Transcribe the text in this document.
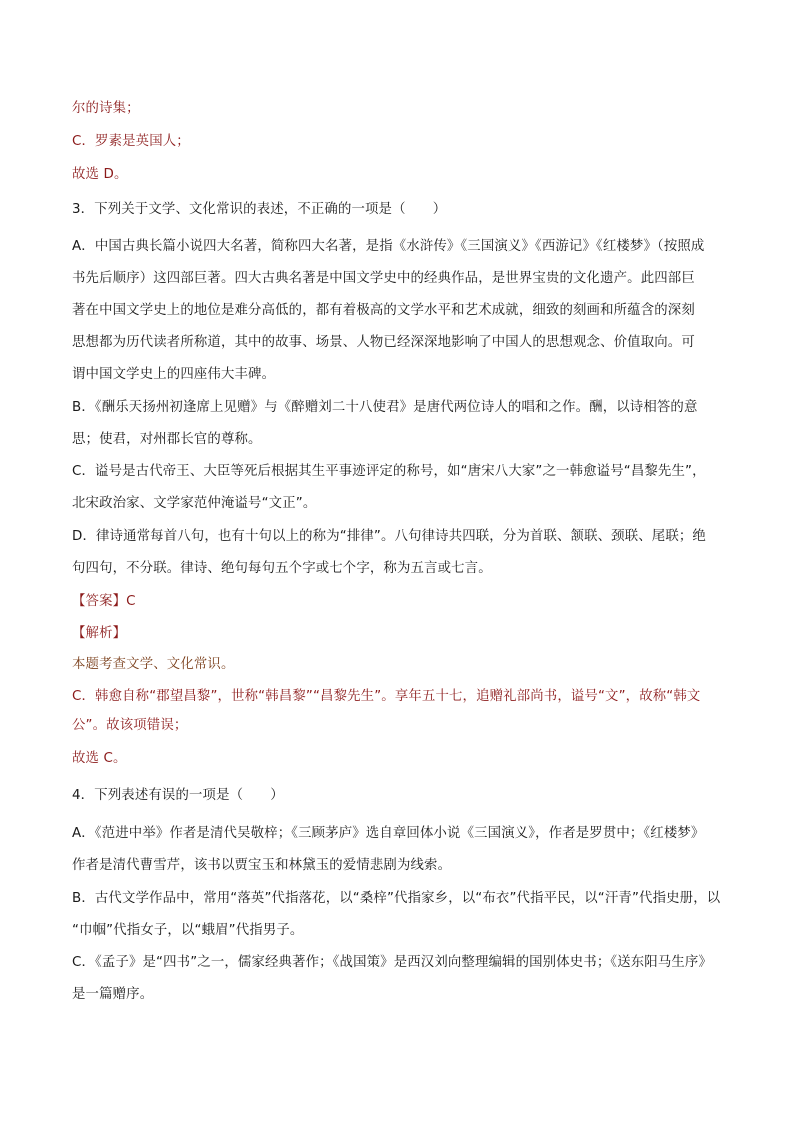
尔的诗集；
C．罗素是英国人；
故选 D。
3．下列关于文学、文化常识的表述，不正确的一项是（　　）
A．中国古典长篇小说四大名著，简称四大名著，是指《水浒传》《三国演义》《西游记》《红楼梦》（按照成
书先后顺序）这四部巨著。四大古典名著是中国文学史中的经典作品，是世界宝贵的文化遗产。此四部巨
著在中国文学史上的地位是难分高低的，都有着极高的文学水平和艺术成就，细致的刻画和所蕴含的深刻
思想都为历代读者所称道，其中的故事、场景、人物已经深深地影响了中国人的思想观念、价值取向。可
谓中国文学史上的四座伟大丰碑。
B．《酬乐天扬州初逢席上见赠》与《醉赠刘二十八使君》是唐代两位诗人的唱和之作。酬，以诗相答的意
思；使君，对州郡长官的尊称。
C．谥号是古代帝王、大臣等死后根据其生平事迹评定的称号，如“唐宋八大家”之一韩愈谥号“昌黎先生”，
北宋政治家、文学家范仲淹谥号“文正”。
D．律诗通常每首八句，也有十句以上的称为“排律”。八句律诗共四联，分为首联、颔联、颈联、尾联；绝
句四句，不分联。律诗、绝句每句五个字或七个字，称为五言或七言。
【答案】C
【解析】
本题考查文学、文化常识。
C．韩愈自称“郡望昌黎”，世称“韩昌黎”“昌黎先生”。享年五十七，追赠礼部尚书，谥号“文”，故称“韩文
公”。故该项错误；
故选 C。
4．下列表述有误的一项是（　　）
A．《范进中举》作者是清代吴敬梓；《三顾茅庐》选自章回体小说《三国演义》，作者是罗贯中；《红楼梦》
作者是清代曹雪芹，该书以贾宝玉和林黛玉的爱情悲剧为线索。
B．古代文学作品中，常用“落英”代指落花，以“桑梓”代指家乡，以“布衣”代指平民，以“汗青”代指史册，以
“巾帼”代指女子，以“蛾眉”代指男子。
C．《孟子》是“四书”之一，儒家经典著作；《战国策》是西汉刘向整理编辑的国别体史书；《送东阳马生序》
是一篇赠序。
